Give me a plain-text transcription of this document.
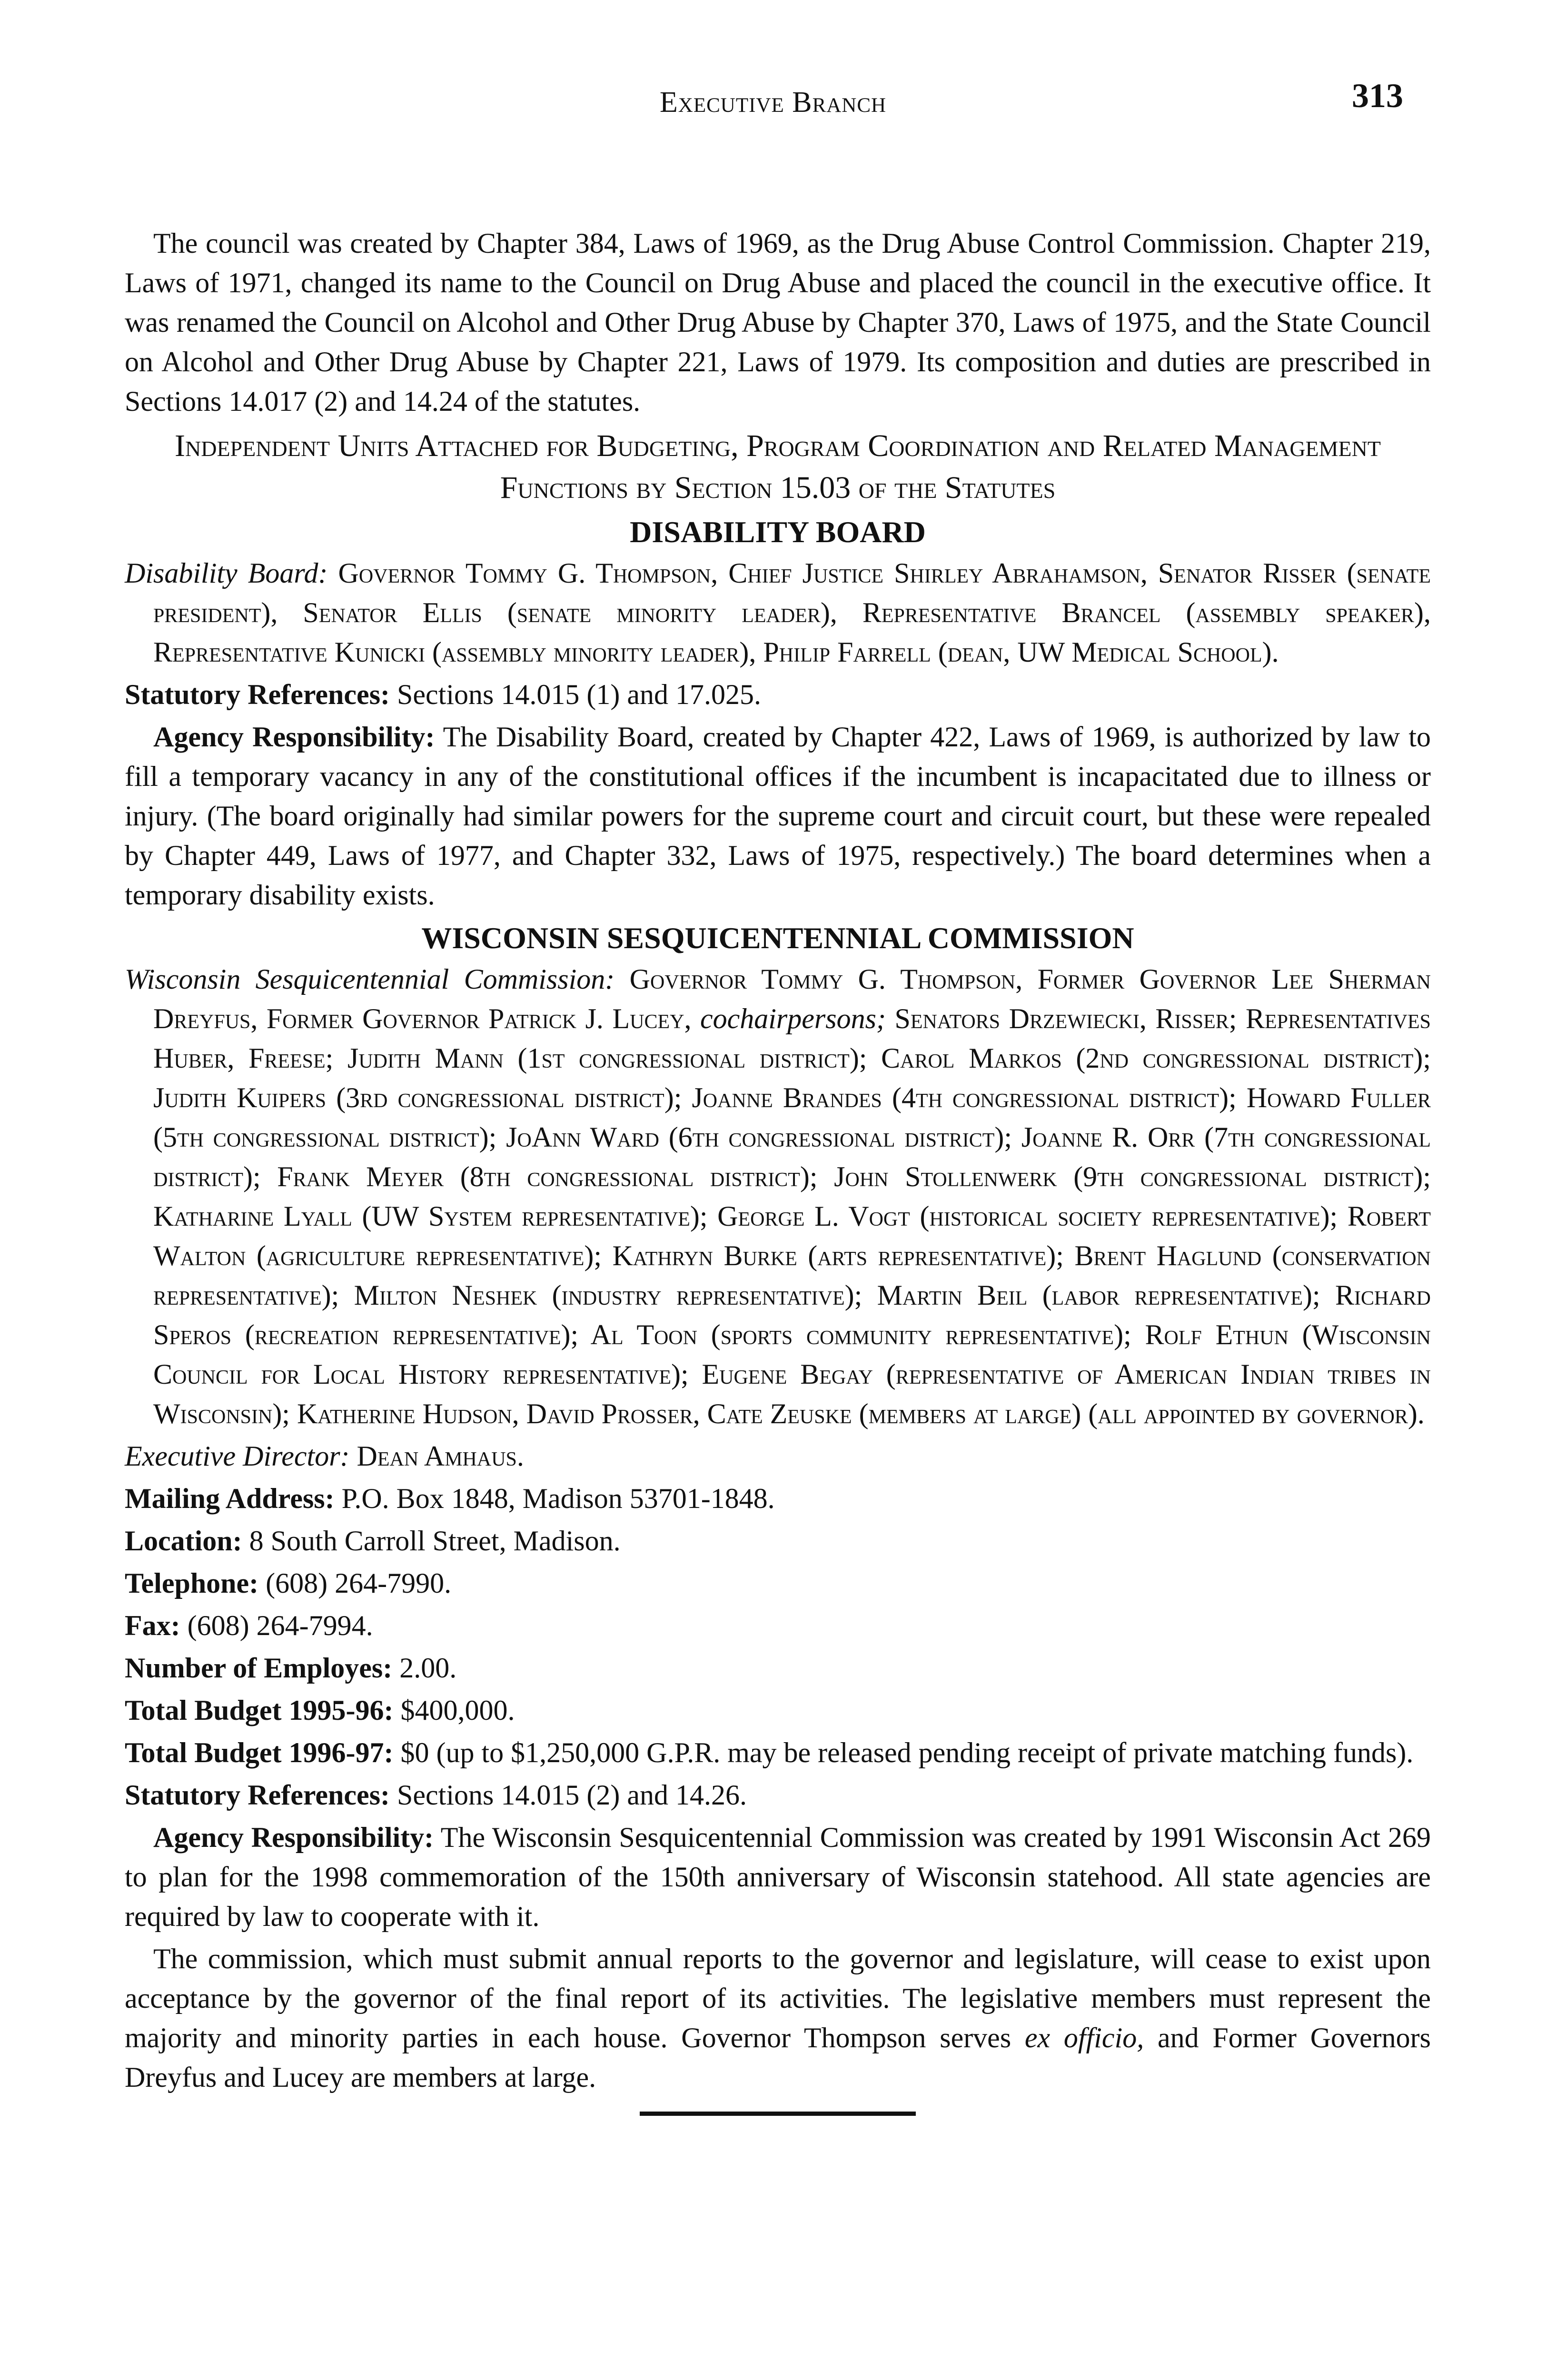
Executive Branch	313

The council was created by Chapter 384, Laws of 1969, as the Drug Abuse Control Commission. Chapter 219, Laws of 1971, changed its name to the Council on Drug Abuse and placed the council in the executive office. It was renamed the Council on Alcohol and Other Drug Abuse by Chapter 370, Laws of 1975, and the State Council on Alcohol and Other Drug Abuse by Chapter 221, Laws of 1979. Its composition and duties are prescribed in Sections 14.017 (2) and 14.24 of the statutes.

Independent Units Attached for Budgeting, Program Coordination and Related Management Functions by Section 15.03 of the Statutes
DISABILITY BOARD

Disability Board: Governor Tommy G. Thompson, Chief Justice Shirley Abrahamson, Senator Risser (senate president), Senator Ellis (senate minority leader), Representative Brancel (assembly speaker), Representative Kunicki (assembly minority leader), Philip Farrell (dean, UW Medical School).

Statutory References: Sections 14.015 (1) and 17.025.

Agency Responsibility: The Disability Board, created by Chapter 422, Laws of 1969, is authorized by law to fill a temporary vacancy in any of the constitutional offices if the incumbent is incapacitated due to illness or injury. (The board originally had similar powers for the supreme court and circuit court, but these were repealed by Chapter 449, Laws of 1977, and Chapter 332, Laws of 1975, respectively.) The board determines when a temporary disability exists.

WISCONSIN SESQUICENTENNIAL COMMISSION

Wisconsin Sesquicentennial Commission: Governor Tommy G. Thompson, Former Governor Lee Sherman Dreyfus, Former Governor Patrick J. Lucey, cochairpersons; Senators Drzewiecki, Risser; Representatives Huber, Freese; Judith Mann (1st congressional district); Carol Markos (2nd congressional district); Judith Kuipers (3rd congressional district); Joanne Brandes (4th congressional district); Howard Fuller (5th congressional district); JoAnn Ward (6th congressional district); Joanne R. Orr (7th congressional district); Frank Meyer (8th congressional district); John Stollenwerk (9th congressional district); Katharine Lyall (UW System representative); George L. Vogt (historical society representative); Robert Walton (agriculture representative); Kathryn Burke (arts representative); Brent Haglund (conservation representative); Milton Neshek (industry representative); Martin Beil (labor representative); Richard Speros (recreation representative); Al Toon (sports community representative); Rolf Ethun (Wisconsin Council for Local History representative); Eugene Begay (representative of American Indian tribes in Wisconsin); Katherine Hudson, David Prosser, Cate Zeuske (members at large) (all appointed by governor).

Executive Director: Dean Amhaus.

Mailing Address: P.O. Box 1848, Madison 53701-1848.

Location: 8 South Carroll Street, Madison.

Telephone: (608) 264-7990.

Fax: (608) 264-7994.

Number of Employes: 2.00.

Total Budget 1995-96: $400,000.

Total Budget 1996-97: $0 (up to $1,250,000 G.P.R. may be released pending receipt of private matching funds).

Statutory References: Sections 14.015 (2) and 14.26.

Agency Responsibility: The Wisconsin Sesquicentennial Commission was created by 1991 Wisconsin Act 269 to plan for the 1998 commemoration of the 150th anniversary of Wisconsin statehood. All state agencies are required by law to cooperate with it.

The commission, which must submit annual reports to the governor and legislature, will cease to exist upon acceptance by the governor of the final report of its activities. The legislative members must represent the majority and minority parties in each house. Governor Thompson serves ex officio, and Former Governors Dreyfus and Lucey are members at large.
